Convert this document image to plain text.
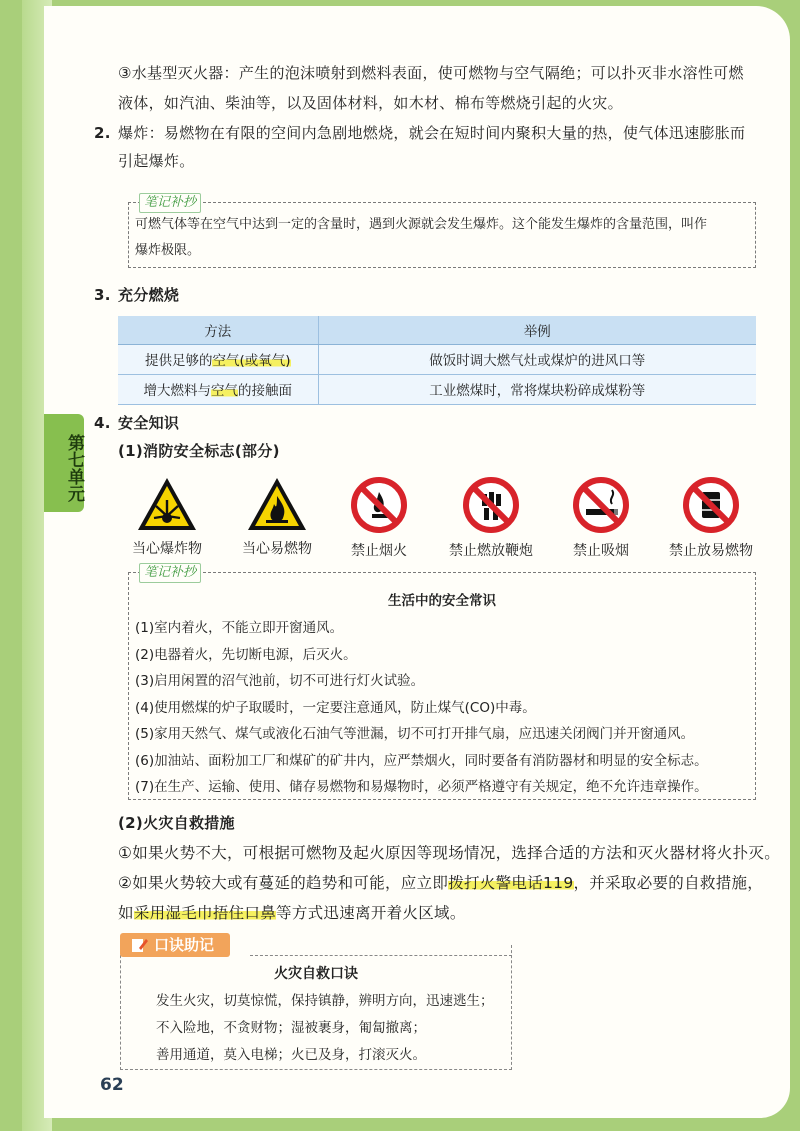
③水基型灭火器：产生的泡沫喷射到燃料表面，使可燃物与空气隔绝；可以扑灭非水溶性可燃
液体，如汽油、柴油等，以及固体材料，如木材、棉布等燃烧引起的火灾。
2. 爆炸：易燃物在有限的空间内急剧地燃烧，就会在短时间内聚积大量的热，使气体迅速膨胀而
引起爆炸。
笔记补抄
可燃气体等在空气中达到一定的含量时，遇到火源就会发生爆炸。这个能发生爆炸的含量范围，叫作
爆炸极限。
3. 充分燃烧
方法	举例
提供足够的空气(或氧气)	做饭时调大燃气灶或煤炉的进风口等
增大燃料与空气的接触面	工业燃煤时，常将煤块粉碎成煤粉等
第七单元
4. 安全知识
(1)消防安全标志(部分)
当心爆炸物	当心易燃物	禁止烟火	禁止燃放鞭炮	禁止吸烟	禁止放易燃物
笔记补抄
生活中的安全常识
(1)室内着火，不能立即开窗通风。
(2)电器着火，先切断电源，后灭火。
(3)启用闲置的沼气池前，切不可进行灯火试验。
(4)使用燃煤的炉子取暖时，一定要注意通风，防止煤气(CO)中毒。
(5)家用天然气、煤气或液化石油气等泄漏，切不可打开排气扇，应迅速关闭阀门并开窗通风。
(6)加油站、面粉加工厂和煤矿的矿井内，应严禁烟火，同时要备有消防器材和明显的安全标志。
(7)在生产、运输、使用、储存易燃物和易爆物时，必须严格遵守有关规定，绝不允许违章操作。
(2)火灾自救措施
①如果火势不大，可根据可燃物及起火原因等现场情况，选择合适的方法和灭火器材将火扑灭。
②如果火势较大或有蔓延的趋势和可能，应立即拨打火警电话119，并采取必要的自救措施，
如采用湿毛巾捂住口鼻等方式迅速离开着火区域。
口诀助记
火灾自救口诀
发生火灾，切莫惊慌，保持镇静，辨明方向，迅速逃生；
不入险地，不贪财物；湿被裹身，匍匐撤离；
善用通道，莫入电梯；火已及身，打滚灭火。
62
